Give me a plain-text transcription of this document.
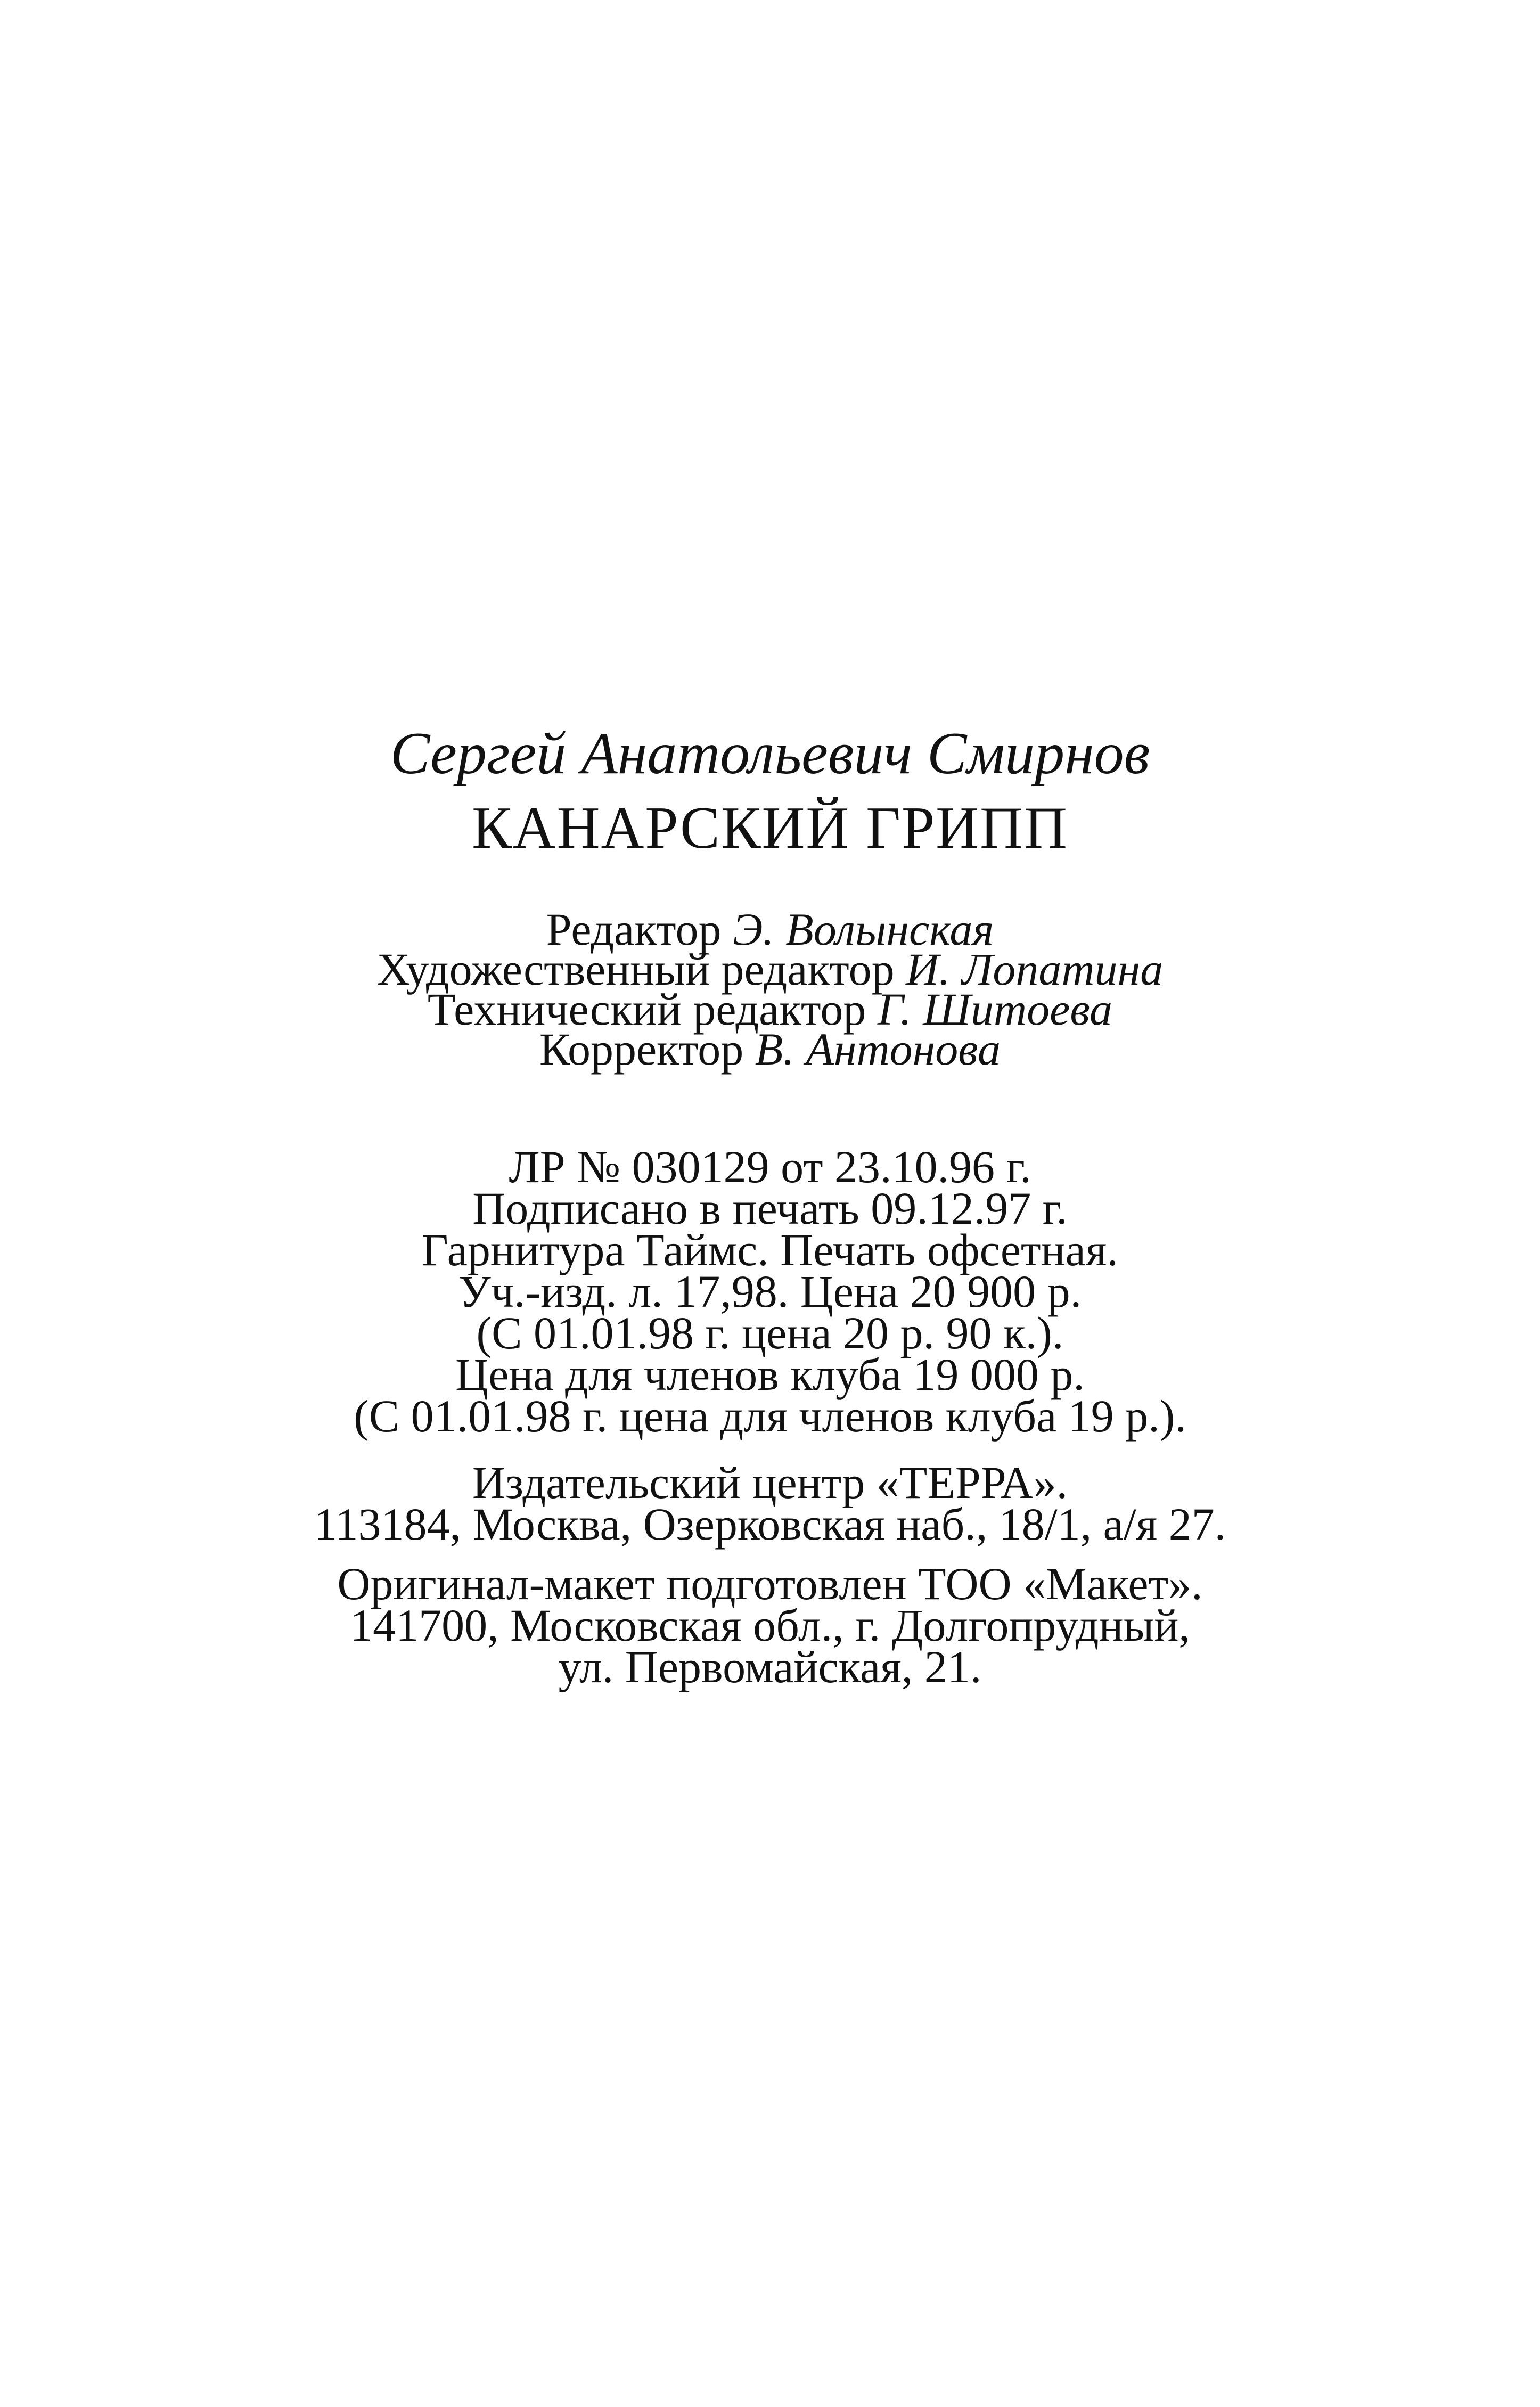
Сергей Анатольевич Смирнов
КАНАРСКИЙ ГРИПП
Редактор Э. Волынская
Художественный редактор И. Лопатина
Технический редактор Г. Шитоева
Корректор В. Антонова
ЛР № 030129 от 23.10.96 г.
Подписано в печать 09.12.97 г.
Гарнитура Таймс. Печать офсетная.
Уч.-изд. л. 17,98. Цена 20 900 р.
(С 01.01.98 г. цена 20 р. 90 к.).
Цена для членов клуба 19 000 р.
(С 01.01.98 г. цена для членов клуба 19 р.).
Издательский центр «ТЕРРА».
113184, Москва, Озерковская наб., 18/1, а/я 27.
Оригинал-макет подготовлен ТОО «Макет».
141700, Московская обл., г. Долгопрудный,
ул. Первомайская, 21.
